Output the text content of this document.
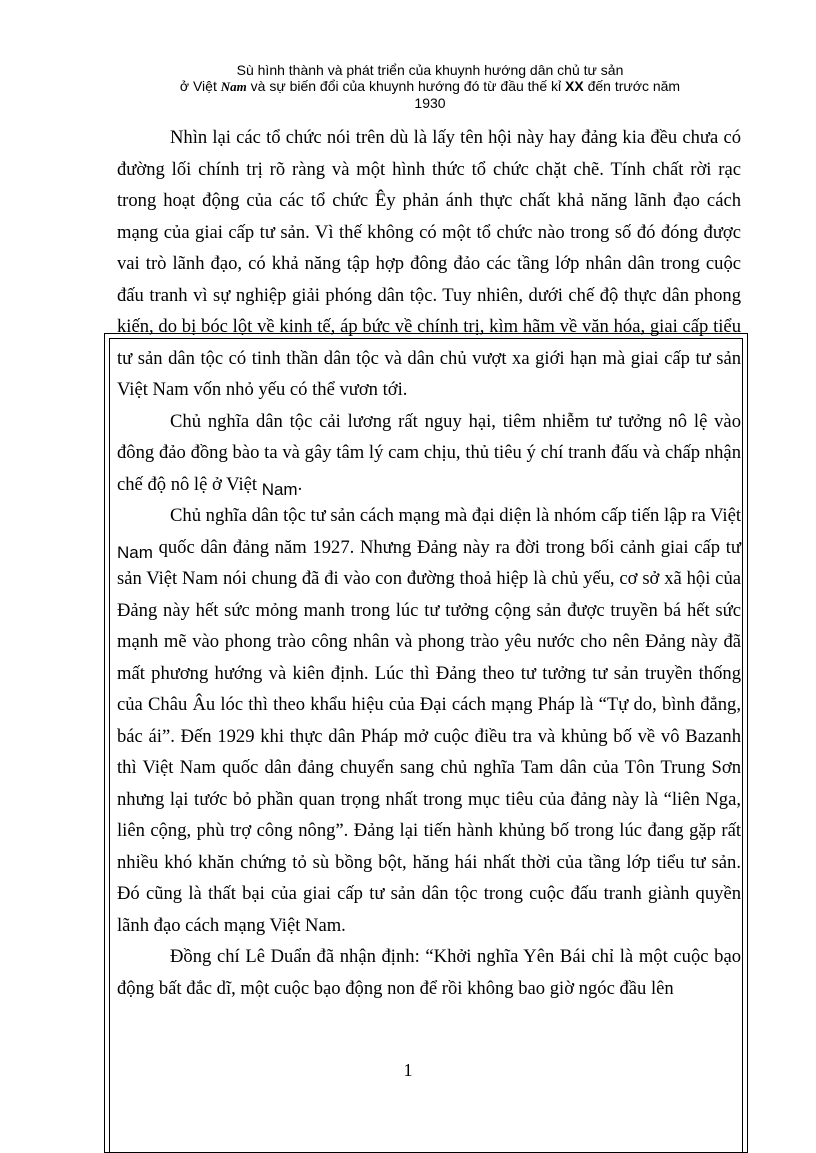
Sù hình thành và phát triển của khuynh hướng dân chủ tư sản
ở Việt Nam và sự biến đổi của khuynh hướng đó từ đầu thế kỉ XX đến trước năm
1930

Nhìn lại các tổ chức nói trên dù là lấy tên hội này hay đảng kia đều chưa có đường lối chính trị rõ ràng và một hình thức tổ chức chặt chẽ. Tính chất rời rạc trong hoạt động của các tổ chức Êy phản ánh thực chất khả năng lãnh đạo cách mạng của giai cấp tư sản. Vì thế không có một tổ chức nào trong số đó đóng được vai trò lãnh đạo, có khả năng tập hợp đông đảo các tầng lớp nhân dân trong cuộc đấu tranh vì sự nghiệp giải phóng dân tộc. Tuy nhiên, dưới chế độ thực dân phong kiến, do bị bóc lột về kinh tế, áp bức về chính trị, kìm hãm về văn hóa, giai cấp tiểu tư sản dân tộc có tinh thần dân tộc và dân chủ vượt xa giới hạn mà giai cấp tư sản Việt Nam vốn nhỏ yếu có thể vươn tới.

Chủ nghĩa dân tộc cải lương rất nguy hại, tiêm nhiễm tư tưởng nô lệ vào đông đảo đồng bào ta và gây tâm lý cam chịu, thủ tiêu ý chí tranh đấu và chấp nhận chế độ nô lệ ở Việt Nam.

Chủ nghĩa dân tộc tư sản cách mạng mà đại diện là nhóm cấp tiến lập ra Việt Nam quốc dân đảng năm 1927. Nhưng Đảng này ra đời trong bối cảnh giai cấp tư sản Việt Nam nói chung đã đi vào con đường thoả hiệp là chủ yếu, cơ sở xã hội của Đảng này hết sức mỏng manh trong lúc tư tưởng cộng sản được truyền bá hết sức mạnh mẽ vào phong trào công nhân và phong trào yêu nước cho nên Đảng này đã mất phương hướng và kiên định. Lúc thì Đảng theo tư tưởng tư sản truyền thống của Châu Âu lóc thì theo khẩu hiệu của Đại cách mạng Pháp là “Tự do, bình đẳng, bác ái”. Đến 1929 khi thực dân Pháp mở cuộc điều tra và khủng bố về vô Bazanh thì Việt Nam quốc dân đảng chuyển sang chủ nghĩa Tam dân của Tôn Trung Sơn nhưng lại tước bỏ phần quan trọng nhất trong mục tiêu của đảng này là “liên Nga, liên cộng, phù trợ công nông”. Đảng lại tiến hành khủng bố trong lúc đang gặp rất nhiều khó khăn chứng tỏ sù bồng bột, hăng hái nhất thời của tầng lớp tiểu tư sản. Đó cũng là thất bại của giai cấp tư sản dân tộc trong cuộc đấu tranh giành quyền lãnh đạo cách mạng Việt Nam.

Đồng chí Lê Duẩn đã nhận định: “Khởi nghĩa Yên Bái chỉ là một cuộc bạo động bất đắc dĩ, một cuộc bạo động non để rồi không bao giờ ngóc đầu lên

1
